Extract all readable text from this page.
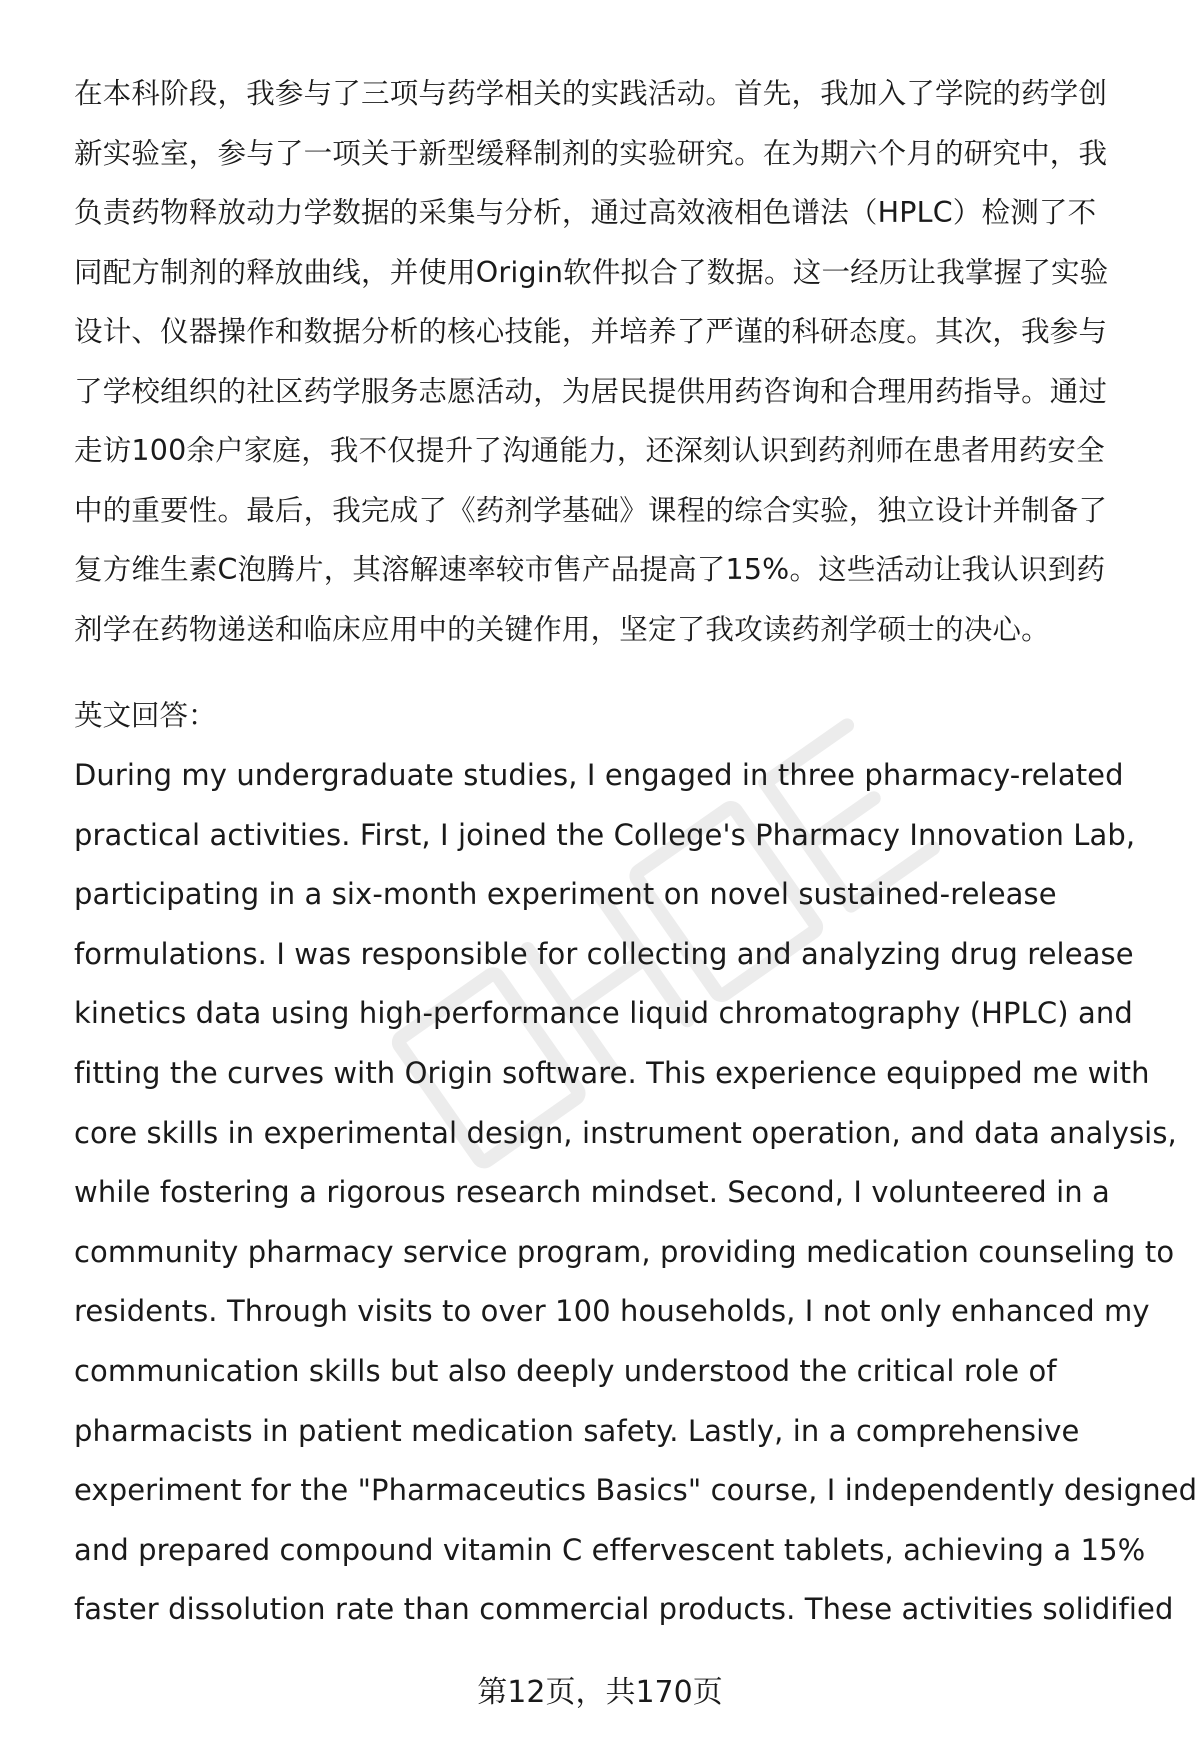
在本科阶段，我参与了三项与药学相关的实践活动。首先，我加入了学院的药学创
新实验室，参与了一项关于新型缓释制剂的实验研究。在为期六个月的研究中，我
负责药物释放动力学数据的采集与分析，通过高效液相色谱法（HPLC）检测了不
同配方制剂的释放曲线，并使用Origin软件拟合了数据。这一经历让我掌握了实验
设计、仪器操作和数据分析的核心技能，并培养了严谨的科研态度。其次，我参与
了学校组织的社区药学服务志愿活动，为居民提供用药咨询和合理用药指导。通过
走访100余户家庭，我不仅提升了沟通能力，还深刻认识到药剂师在患者用药安全
中的重要性。最后，我完成了《药剂学基础》课程的综合实验，独立设计并制备了
复方维生素C泡腾片，其溶解速率较市售产品提高了15%。这些活动让我认识到药
剂学在药物递送和临床应用中的关键作用，坚定了我攻读药剂学硕士的决心。
英文回答：
During my undergraduate studies, I engaged in three pharmacy-related
practical activities. First, I joined the College's Pharmacy Innovation Lab,
participating in a six-month experiment on novel sustained-release
formulations. I was responsible for collecting and analyzing drug release
kinetics data using high-performance liquid chromatography (HPLC) and
fitting the curves with Origin software. This experience equipped me with
core skills in experimental design, instrument operation, and data analysis,
while fostering a rigorous research mindset. Second, I volunteered in a
community pharmacy service program, providing medication counseling to
residents. Through visits to over 100 households, I not only enhanced my
communication skills but also deeply understood the critical role of
pharmacists in patient medication safety. Lastly, in a comprehensive
experiment for the "Pharmaceutics Basics" course, I independently designed
and prepared compound vitamin C effervescent tablets, achieving a 15%
faster dissolution rate than commercial products. These activities solidified
第12页，共170页
